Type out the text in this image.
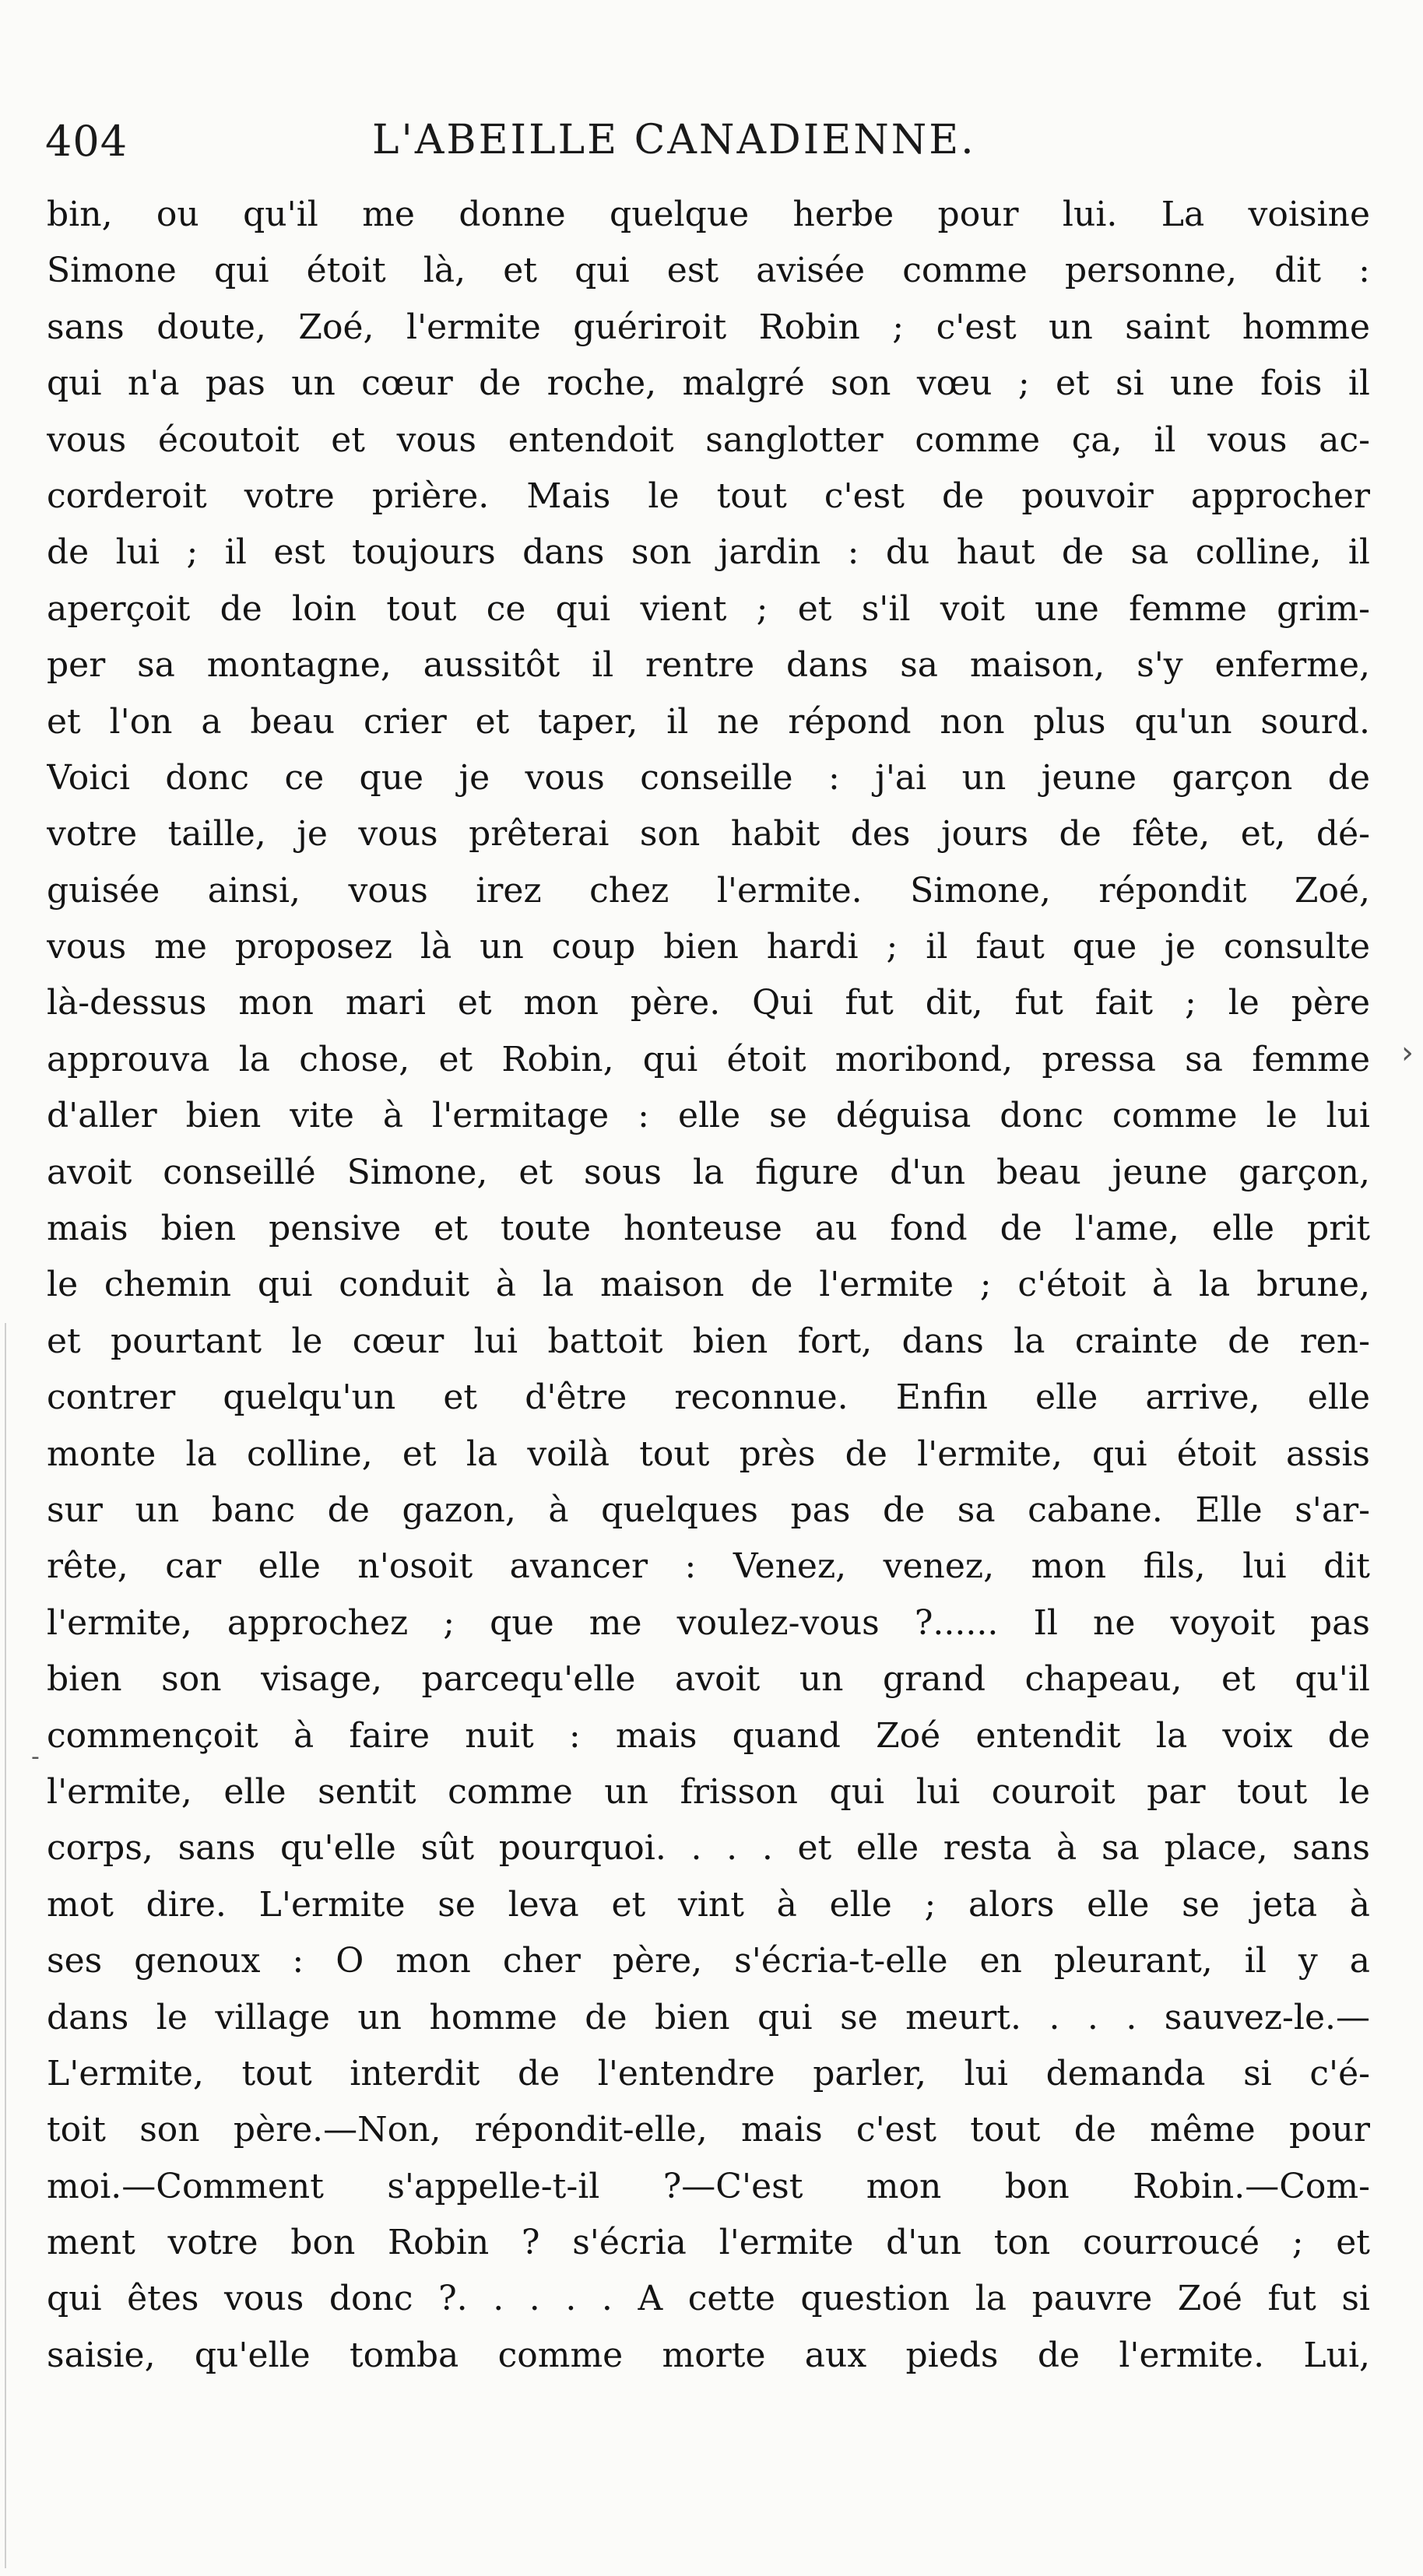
›
-
404	L'ABEILLE CANADIENNE.
bin, ou qu'il me donne quelque herbe pour lui. La voisine
Simone qui étoit là, et qui est avisée comme personne, dit :
sans doute, Zoé, l'ermite guériroit Robin ; c'est un saint homme
qui n'a pas un cœur de roche, malgré son vœu ; et si une fois il
vous écoutoit et vous entendoit sanglotter comme ça, il vous ac-
corderoit votre prière. Mais le tout c'est de pouvoir approcher
de lui ; il est toujours dans son jardin : du haut de sa colline, il
aperçoit de loin tout ce qui vient ; et s'il voit une femme grim-
per sa montagne, aussitôt il rentre dans sa maison, s'y enferme,
et l'on a beau crier et taper, il ne répond non plus qu'un sourd.
Voici donc ce que je vous conseille : j'ai un jeune garçon de
votre taille, je vous prêterai son habit des jours de fête, et, dé-
guisée ainsi, vous irez chez l'ermite. Simone, répondit Zoé,
vous me proposez là un coup bien hardi ; il faut que je consulte
là-dessus mon mari et mon père. Qui fut dit, fut fait ; le père
approuva la chose, et Robin, qui étoit moribond, pressa sa femme
d'aller bien vite à l'ermitage : elle se déguisa donc comme le lui
avoit conseillé Simone, et sous la figure d'un beau jeune garçon,
mais bien pensive et toute honteuse au fond de l'ame, elle prit
le chemin qui conduit à la maison de l'ermite ; c'étoit à la brune,
et pourtant le cœur lui battoit bien fort, dans la crainte de ren-
contrer quelqu'un et d'être reconnue. Enfin elle arrive, elle
monte la colline, et la voilà tout près de l'ermite, qui étoit assis
sur un banc de gazon, à quelques pas de sa cabane. Elle s'ar-
rête, car elle n'osoit avancer : Venez, venez, mon fils, lui dit
l'ermite, approchez ; que me voulez-vous ?...... Il ne voyoit pas
bien son visage, parcequ'elle avoit un grand chapeau, et qu'il
commençoit à faire nuit : mais quand Zoé entendit la voix de
l'ermite, elle sentit comme un frisson qui lui couroit par tout le
corps, sans qu'elle sût pourquoi. . . . et elle resta à sa place, sans
mot dire. L'ermite se leva et vint à elle ; alors elle se jeta à
ses genoux : O mon cher père, s'écria-t-elle en pleurant, il y a
dans le village un homme de bien qui se meurt. . . . sauvez-le.—
L'ermite, tout interdit de l'entendre parler, lui demanda si c'é-
toit son père.—Non, répondit-elle, mais c'est tout de même pour
moi.—Comment s'appelle-t-il ?—C'est mon bon Robin.—Com-
ment votre bon Robin ? s'écria l'ermite d'un ton courroucé ; et
qui êtes vous donc ?. . . . . A cette question la pauvre Zoé fut si
saisie, qu'elle tomba comme morte aux pieds de l'ermite. Lui,
